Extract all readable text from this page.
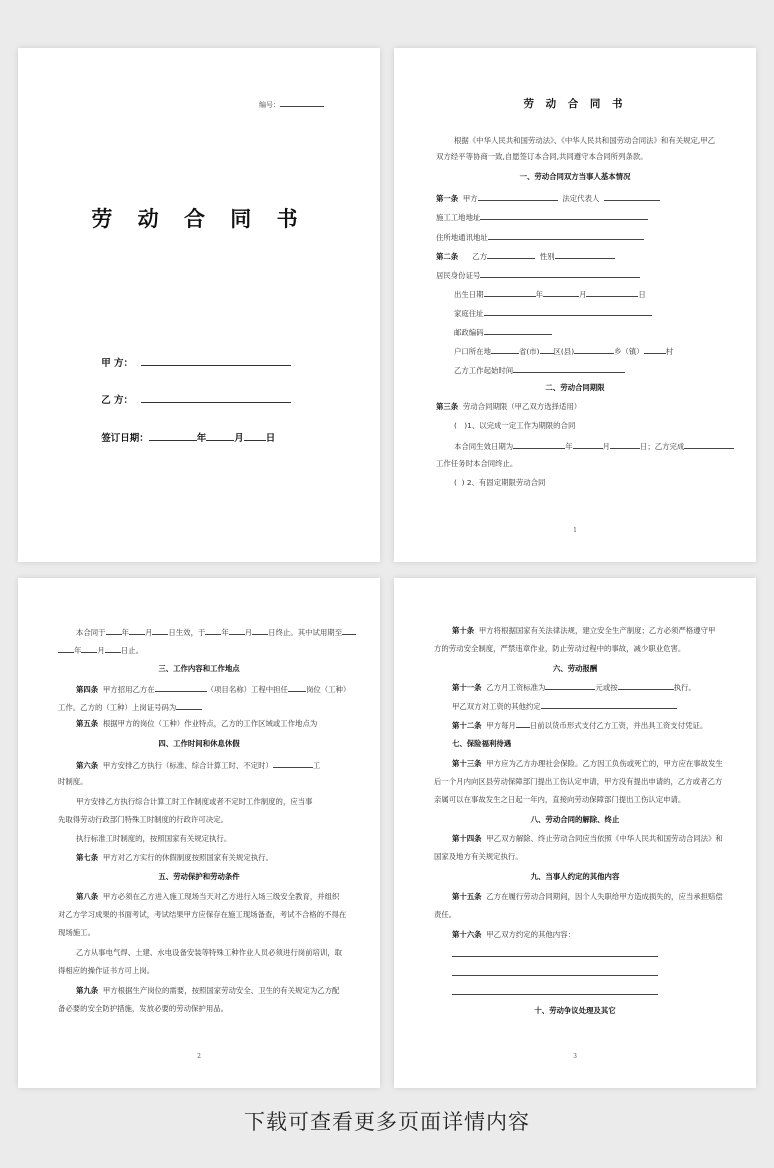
编号：
劳 动 合 同 书

甲 方：

乙 方：

签订日期：	年	月 日

劳 动 合 同 书
根据《中华人民共和国劳动法》、《中华人民共和国劳动合同法》和有关规定,甲乙
双方经平等协商一致,自愿签订本合同,共同遵守本合同所列条款。
一、劳动合同双方当事人基本情况
第一条 甲方	法定代表人
施工工地地址
住所地通讯地址
第二条 乙方	性别
居民身份证号
出生日期	年	月	日
家庭住址
邮政编码
户口所在地	省(市) 区(县)	乡（镇）	村
乙方工作起始时间
二、劳动合同期限
第三条 劳动合同期限（甲乙双方选择适用）
(　)1、以完成一定工作为期限的合同
本合同生效日期为	年	月	日；乙方完成
工作任务时本合同终止。
(  ) 2、有固定期限劳动合同
1
本合同于 年 月 日生效，于 年 月 日终止。其中试用期至
年 月 日止。
三、工作内容和工作地点
第四条 甲方招用乙方在	（项目名称）工程中担任 岗位（工种）
工作。乙方的（工种）上岗证号码为
第五条 根据甲方的岗位（工种）作业特点，乙方的工作区域或工作地点为
四、工作时间和休息休假
第六条 甲方安排乙方执行（标准、综合计算工时、不定时）	工
时制度。
甲方安排乙方执行综合计算工时工作制度或者不定时工作制度的，应当事
先取得劳动行政部门特殊工时制度的行政许可决定。
执行标准工时制度的，按照国家有关规定执行。
第七条 甲方对乙方实行的休假制度按照国家有关规定执行。
五、劳动保护和劳动条件
第八条 甲方必须在乙方进入施工现场当天对乙方进行入场三级安全教育，并组织
对乙方学习成果的书面考试，考试结果甲方应保存在施工现场备查，考试不合格的不得在
现场施工。
乙方从事电气焊、土建、水电设备安装等特殊工种作业人员必须进行岗前培训，取
得相应的操作证书方可上岗。
第九条 甲方根据生产岗位的需要，按照国家劳动安全、卫生的有关规定为乙方配
备必要的安全防护措施，发放必要的劳动保护用品。
2
第十条 甲方将根据国家有关法律法规，建立安全生产制度；乙方必须严格遵守甲
方的劳动安全制度，严禁违章作业，防止劳动过程中的事故，减少职业危害。
六、劳动报酬
第十一条 乙方月工资标准为	元或按	执行。
甲乙双方对工资的其他约定
第十二条 甲方每月 日前以货币形式支付乙方工资，并出具工资支付凭证。
七、保险福利待遇
第十三条 甲方应为乙方办理社会保险。乙方因工负伤或死亡的，甲方应在事故发生
后一个月内向区县劳动保障部门提出工伤认定申请，甲方没有提出申请的，乙方或者乙方
亲属可以在事故发生之日起一年内，直接向劳动保障部门提出工伤认定申请。
八、劳动合同的解除、终止
第十四条 甲乙双方解除、终止劳动合同应当依照《中华人民共和国劳动合同法》和
国家及地方有关规定执行。
九、当事人约定的其他内容
第十五条 乙方在履行劳动合同期间，因个人失职给甲方造成损失的，应当承担赔偿
责任。
第十六条 甲乙双方约定的其他内容：
十、劳动争议处理及其它
3
下载可查看更多页面详情内容
